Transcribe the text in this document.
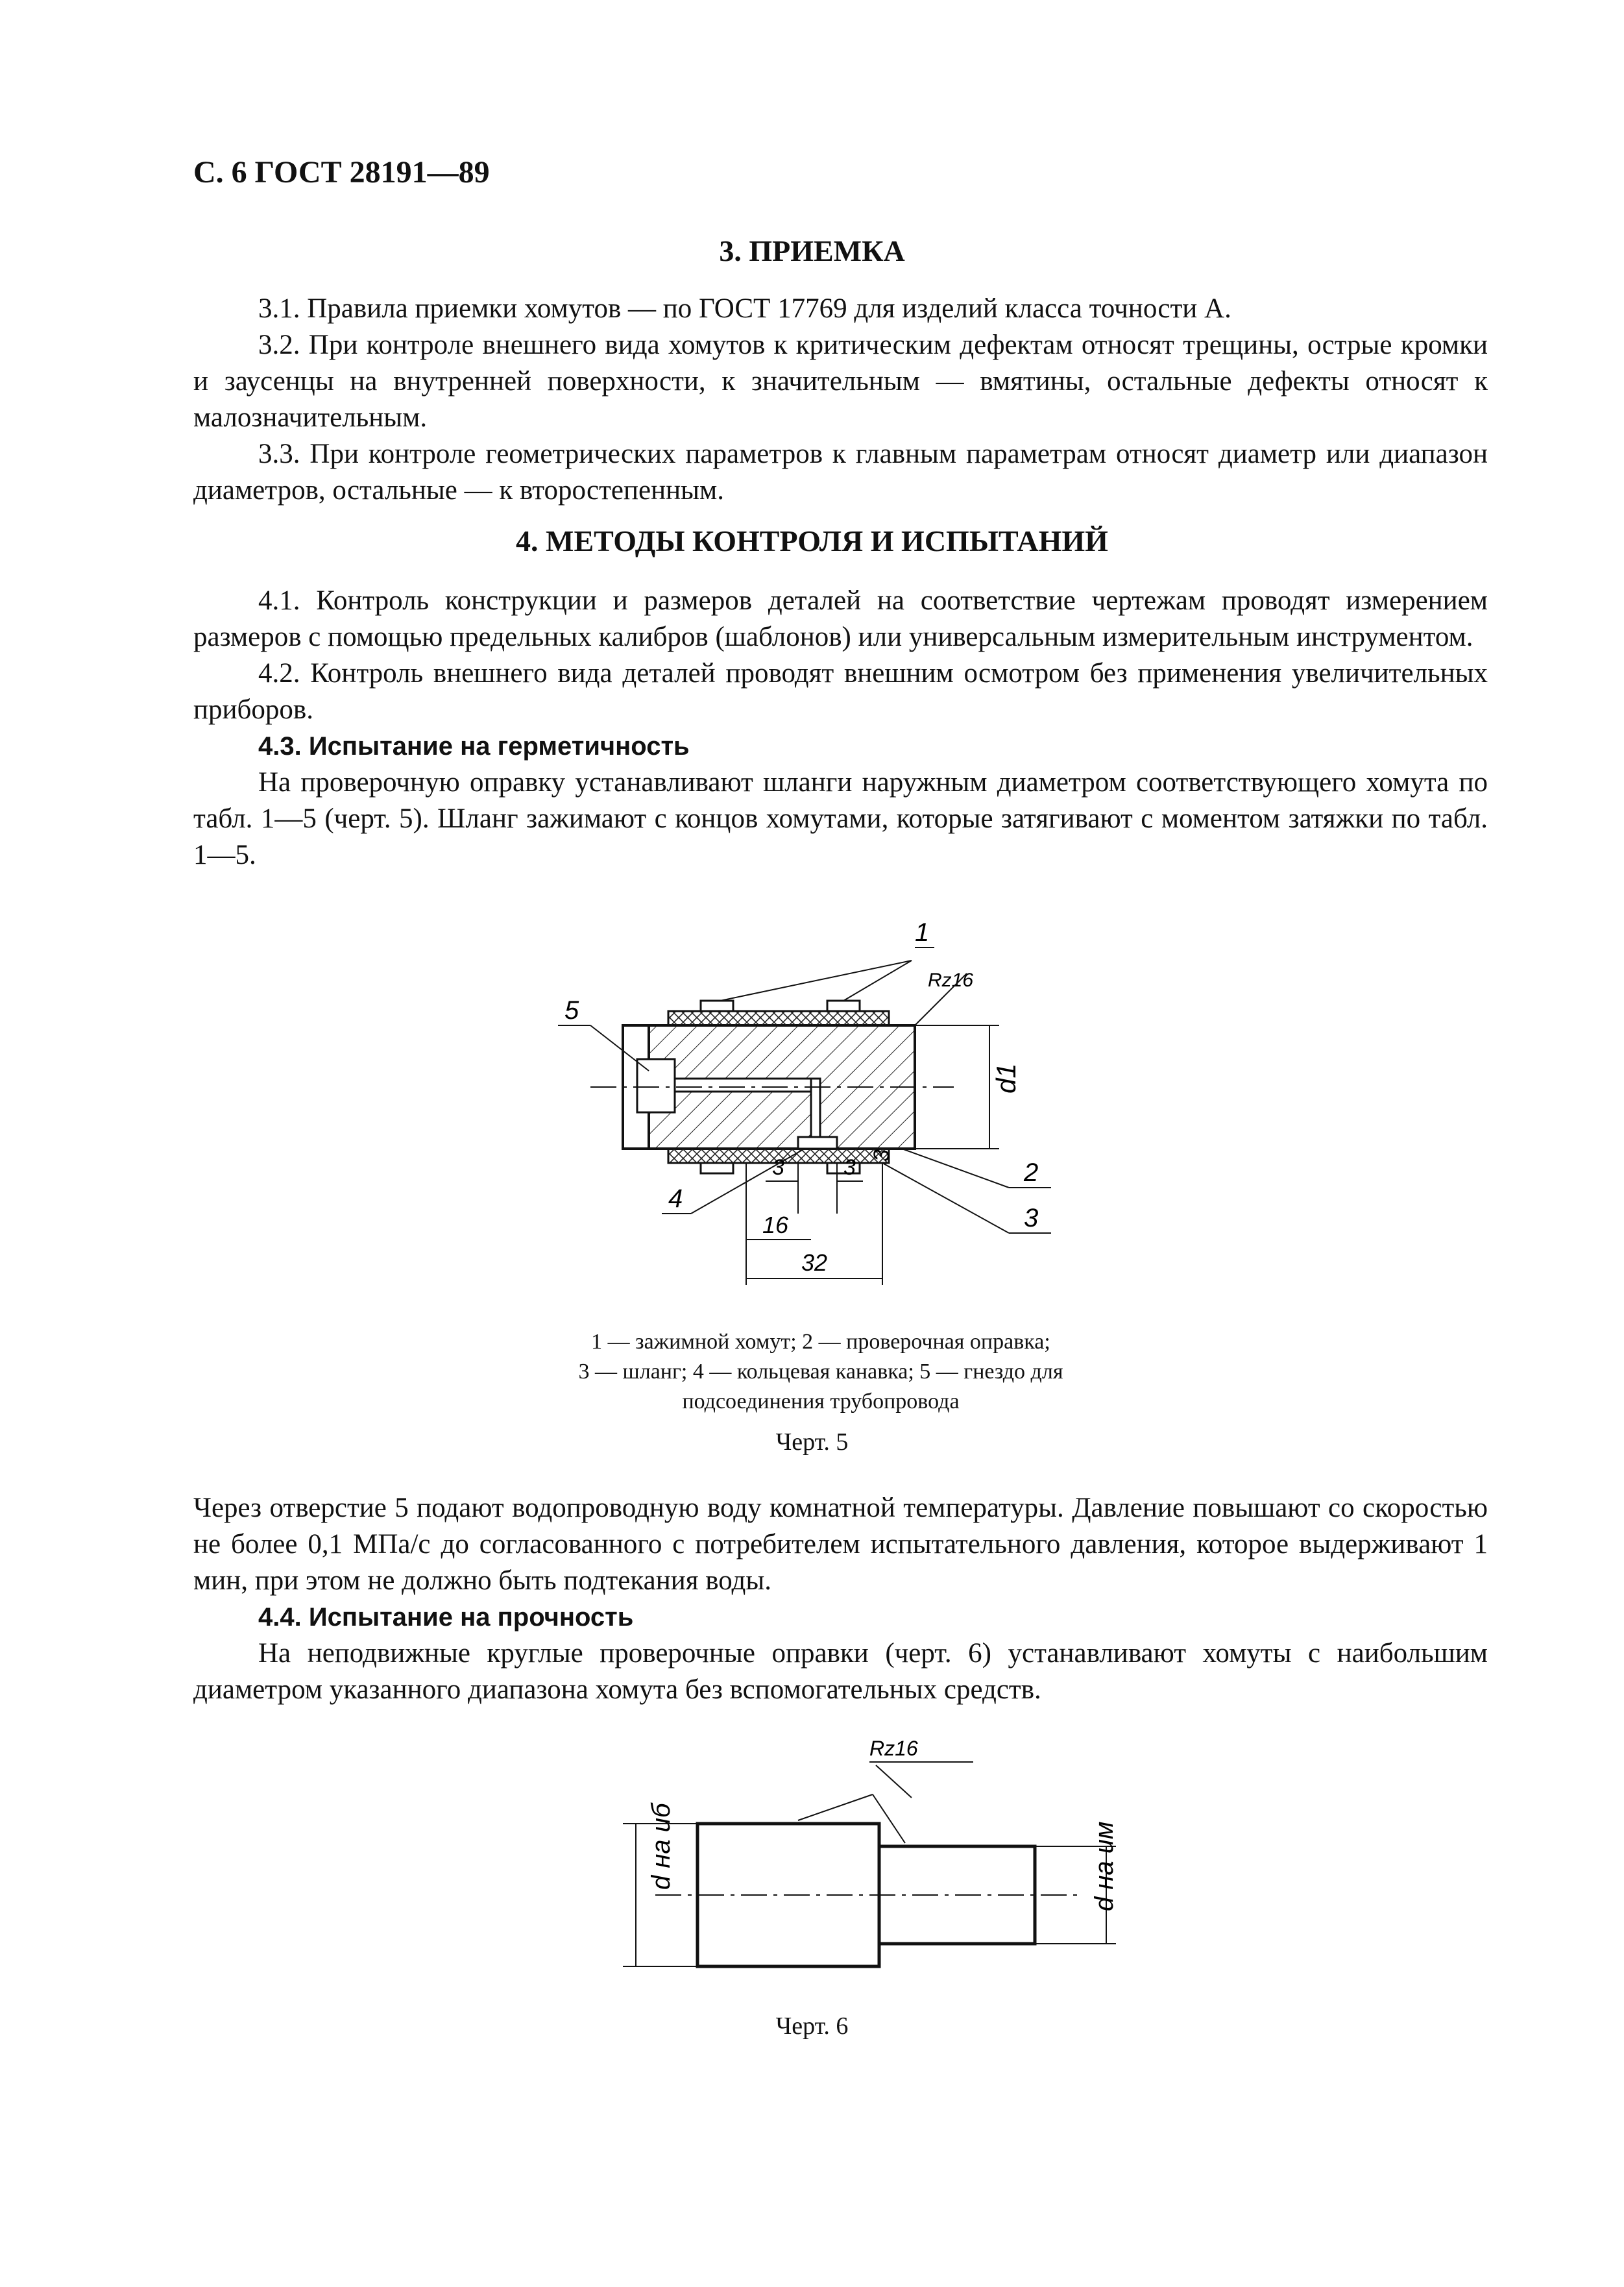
С. 6 ГОСТ 28191—89
3. ПРИЕМКА

3.1. Правила приемки хомутов — по ГОСТ 17769 для изделий класса точности А.

3.2. При контроле внешнего вида хомутов к критическим дефектам относят трещины, острые кромки и заусенцы на внутренней поверхности, к значительным — вмятины, остальные дефекты относят к малозначительным.

3.3. При контроле геометрических параметров к главным параметрам относят диаметр или диапазон диаметров, остальные — к второстепенным.

4. МЕТОДЫ КОНТРОЛЯ И ИСПЫТАНИЙ

4.1. Контроль конструкции и размеров деталей на соответствие чертежам проводят измерением размеров с помощью предельных калибров (шаблонов) или универсальным измерительным инструментом.

4.2. Контроль внешнего вида деталей проводят внешним осмотром без применения увеличительных приборов.

4.3. Испытание на герметичность

На проверочную оправку устанавливают шланги наружным диаметром соответствующего хомута по табл. 1—5 (черт. 5). Шланг зажимают с концов хомутами, которые затягивают с моментом затяжки по табл. 1—5.

d1
1
Rz16
5
4
2
3
3	3 3
16
32
1 — зажимной хомут; 2 — проверочная оправка;
3 — шланг; 4 — кольцевая канавка; 5 — гнездо для
подсоединения трубопровода
Черт. 5

Через отверстие 5 подают водопроводную воду комнатной температуры. Давление повышают со скоростью не более 0,1 МПа/с до согласованного с потребителем испытательного давления, которое выдерживают 1 мин, при этом не должно быть подтекания воды.

4.4. Испытание на прочность

На неподвижные круглые проверочные оправки (черт. 6) устанавливают хомуты с наибольшим диаметром указанного диапазона хомута без вспомогательных средств.

d на иб	d на им
Rz16
Черт. 6
